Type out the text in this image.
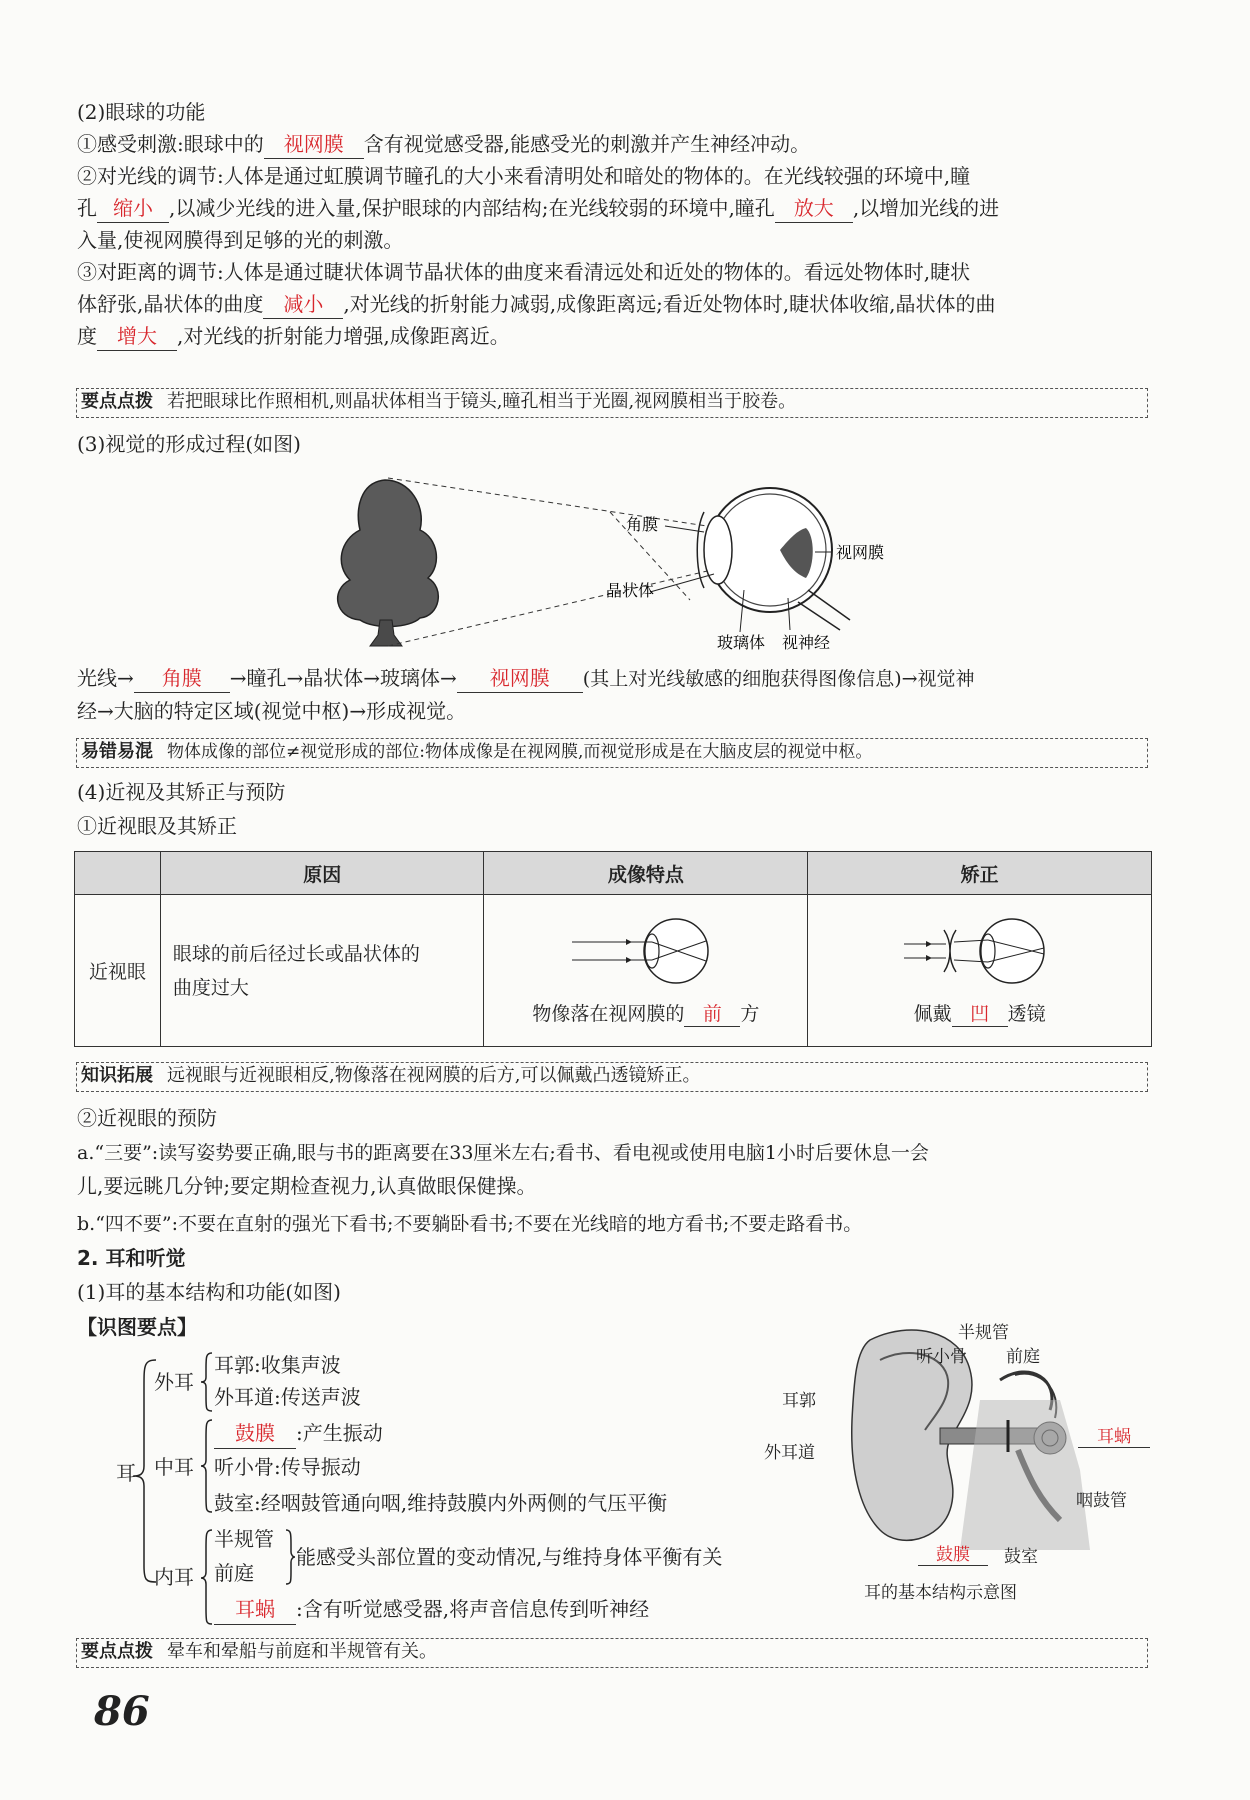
(2)眼球的功能
①感受刺激:眼球中的 视网膜 含有视觉感受器,能感受光的刺激并产生神经冲动。
②对光线的调节:人体是通过虹膜调节瞳孔的大小来看清明处和暗处的物体的。在光线较强的环境中,瞳
孔 缩小 ,以减少光线的进入量,保护眼球的内部结构;在光线较弱的环境中,瞳孔 放大 ,以增加光线的进
入量,使视网膜得到足够的光的刺激。
③对距离的调节:人体是通过睫状体调节晶状体的曲度来看清远处和近处的物体的。看远处物体时,睫状
体舒张,晶状体的曲度 减小 ,对光线的折射能力减弱,成像距离远;看近处物体时,睫状体收缩,晶状体的曲
度 增大 ,对光线的折射能力增强,成像距离近。
要点点拨 若把眼球比作照相机,则晶状体相当于镜头,瞳孔相当于光圈,视网膜相当于胶卷。
(3)视觉的形成过程(如图)
角膜
晶状体
视网膜
玻璃体 视神经
光线→ 角膜 →瞳孔→晶状体→玻璃体→ 视网膜 (其上对光线敏感的细胞获得图像信息)→视觉神
经→大脑的特定区域(视觉中枢)→形成视觉。
易错易混 物体成像的部位≠视觉形成的部位:物体成像是在视网膜,而视觉形成是在大脑皮层的视觉中枢。
(4)近视及其矫正与预防
①近视眼及其矫正
	原因	成像特点	矫正
近视眼	眼球的前后径过长或晶状体的
曲度过大	物像落在视网膜的 前 方	佩戴 凹 透镜
知识拓展 远视眼与近视眼相反,物像落在视网膜的后方,可以佩戴凸透镜矫正。
②近视眼的预防
a.“三要”:读写姿势要正确,眼与书的距离要在33厘米左右;看书、看电视或使用电脑1小时后要休息一会
儿,要远眺几分钟;要定期检查视力,认真做眼保健操。
b.“四不要”:不要在直射的强光下看书;不要躺卧看书;不要在光线暗的地方看书;不要走路看书。
2. 耳和听觉
(1)耳的基本结构和功能(如图)
【识图要点】
耳
外耳
耳郭:收集声波
外耳道:传送声波
中耳
鼓膜 :产生振动
听小骨:传导振动
鼓室:经咽鼓管通向咽,维持鼓膜内外两侧的气压平衡
内耳
半规管
前庭
能感受头部位置的变动情况,与维持身体平衡有关
耳蜗 :含有听觉感受器,将声音信息传到听神经
半规管
听小骨 前庭
耳郭
外耳道
耳蜗
咽鼓管
鼓膜	鼓室
耳的基本结构示意图
要点点拨 晕车和晕船与前庭和半规管有关。
86
